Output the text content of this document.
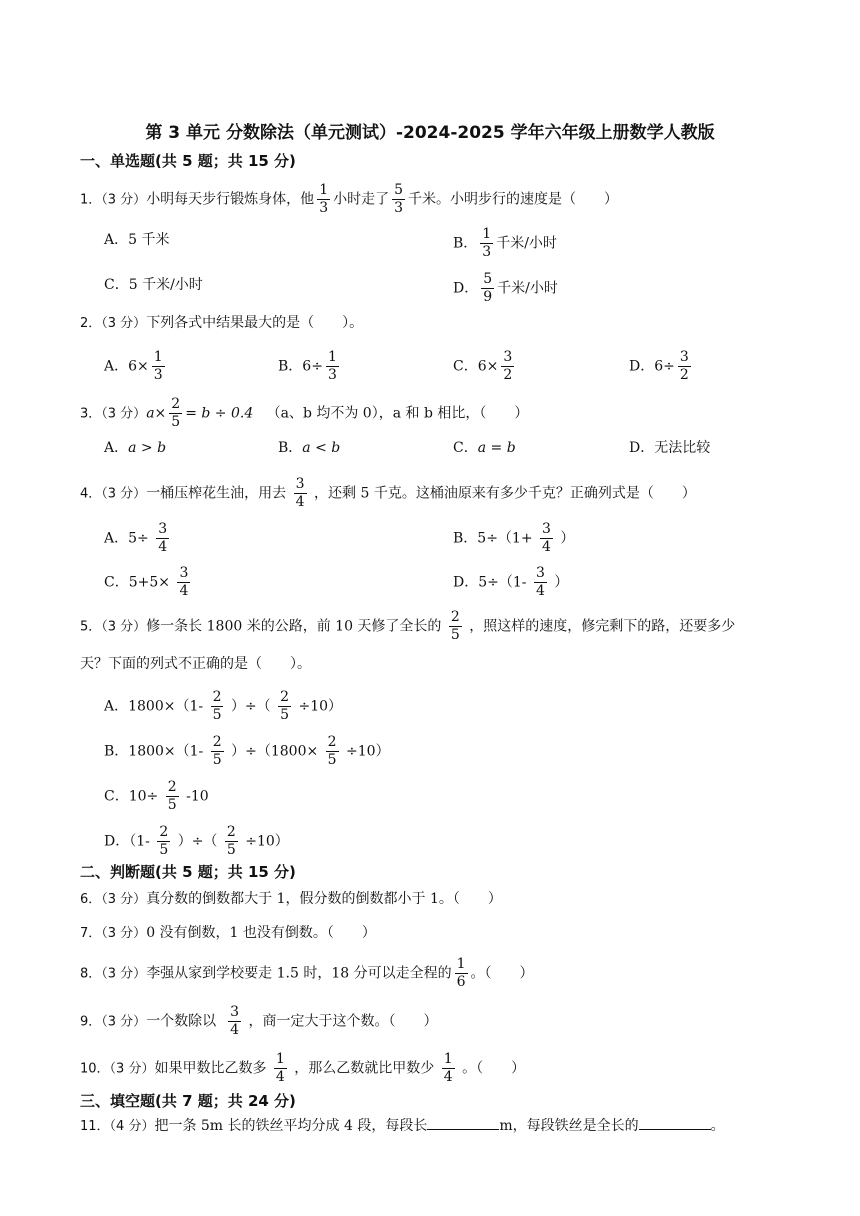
第 3 单元 分数除法（单元测试）-2024-2025 学年六年级上册数学人教版
一、单选题(共 5 题；共 15 分)
1．（3 分）小明每天步行锻炼身体，他 $\frac{1}{3}$ 小时走了 $\frac{5}{3}$ 千米。小明步行的速度是（　　）
A．5 千米	B． $\frac{1}{3}$ 千米/小时
C．5 千米/小时	D． $\frac{5}{9}$ 千米/小时
2．（3 分）下列各式中结果最大的是（　　）。
A．$6\times \frac{1}{3}$	B．$6\div \frac{1}{3}$	C．$6\times \frac{3}{2}$	D．$6\div \frac{3}{2}$
3．（3 分）$a\times \frac{2}{5} = b \div 0.4$ （a、b 均不为 0），a 和 b 相比，（　　）
A．a > b	B．a < b	C．a = b	D．无法比较
4．（3 分）一桶压榨花生油，用去 $\frac{3}{4}$ ，还剩 5 千克。这桶油原来有多少千克？正确列式是（　　）
A．$5\div \frac{3}{4}$	B．$5\div(1+ \frac{3}{4}$ ）
C．$5+5\times \frac{3}{4}$	D．$5\div(1- \frac{3}{4}$ ）
5．（3 分）修一条长 1800 米的公路，前 10 天修了全长的 $\frac{2}{5}$ ，照这样的速度，修完剩下的路，还要多少
天？下面的列式不正确的是（　　）。
A．$1800\times(1- \frac{2}{5}$ ）÷（ $\frac{2}{5} \div 10$）
B．$1800\times(1- \frac{2}{5} )\div(1800\times \frac{2}{5} \div 10)$
C．$10\div \frac{2}{5} -10$
D．（$1- \frac{2}{5}$ ）÷（ $\frac{2}{5} \div 10$）
二、判断题(共 5 题；共 15 分)
6．（3 分）真分数的倒数都大于 1，假分数的倒数都小于 1。（　　）
7．（3 分）0 没有倒数，1 也没有倒数。（　　）
8．（3 分）李强从家到学校要走 1.5 时，18 分可以走全程的 $\frac{1}{6}$ 。（　　）
9．（3 分）一个数除以 $\frac{3}{4}$ ，商一定大于这个数。（　　）
10．（3 分）如果甲数比乙数多 $\frac{1}{4}$ ，那么乙数就比甲数少 $\frac{1}{4}$ 。（　　）
三、填空题(共 7 题；共 24 分)
11．（4 分）把一条 5m 长的铁丝平均分成 4 段，每段长	m，每段铁丝是全长的	。
